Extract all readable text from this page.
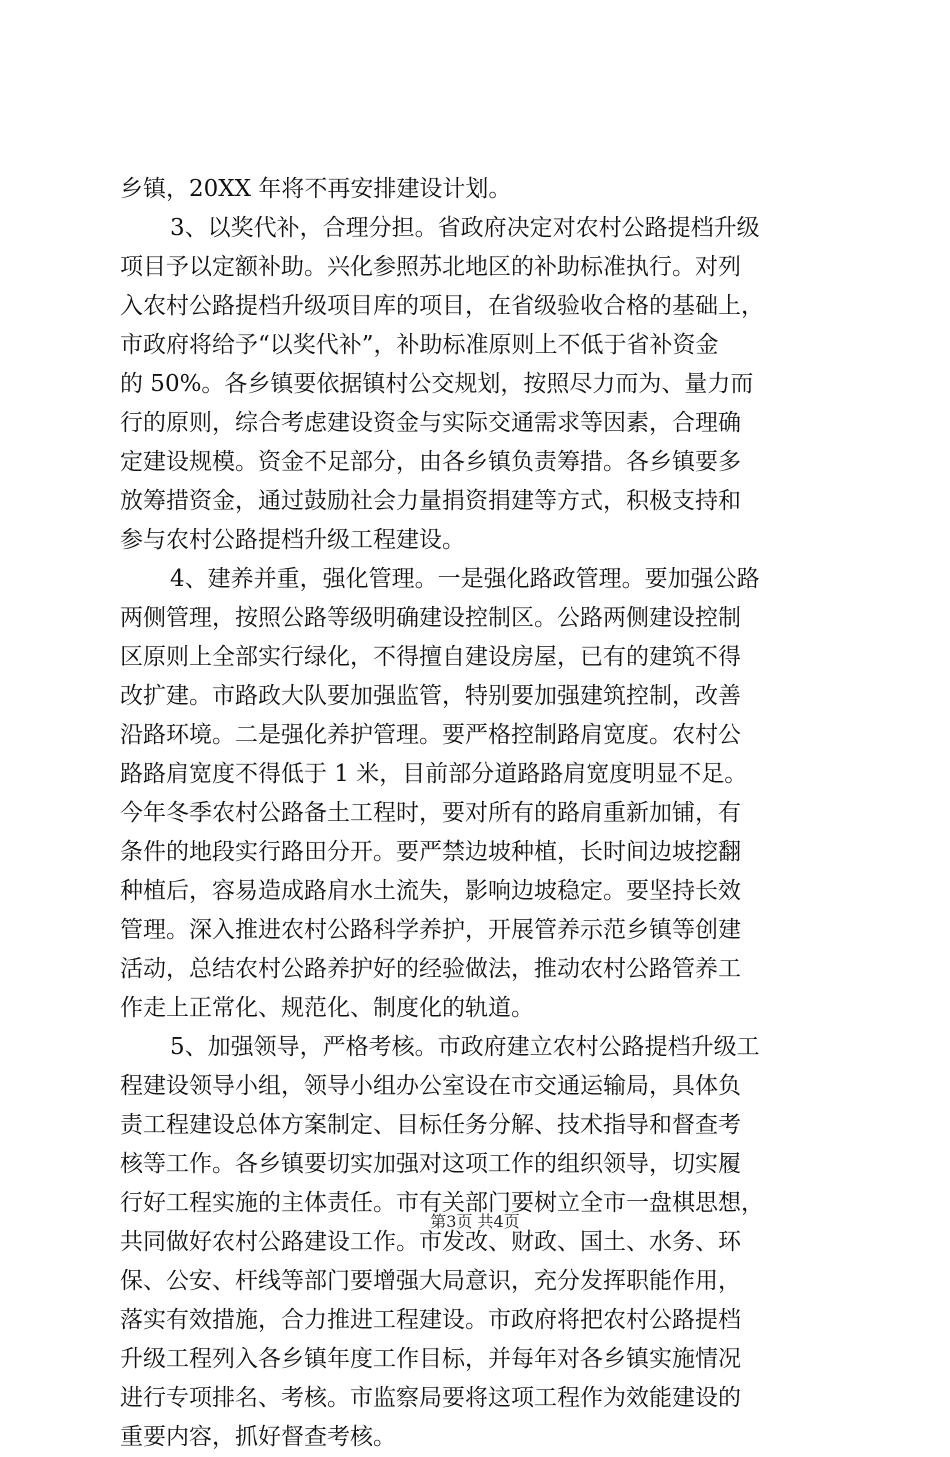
乡镇，20XX 年将不再安排建设计划。
3、以奖代补，合理分担。省政府决定对农村公路提档升级
项目予以定额补助。兴化参照苏北地区的补助标准执行。对列
入农村公路提档升级项目库的项目，在省级验收合格的基础上，
市政府将给予“以奖代补”，补助标准原则上不低于省补资金
的 50%。各乡镇要依据镇村公交规划，按照尽力而为、量力而
行的原则，综合考虑建设资金与实际交通需求等因素，合理确
定建设规模。资金不足部分，由各乡镇负责筹措。各乡镇要多
放筹措资金，通过鼓励社会力量捐资捐建等方式，积极支持和
参与农村公路提档升级工程建设。
4、建养并重，强化管理。一是强化路政管理。要加强公路
两侧管理，按照公路等级明确建设控制区。公路两侧建设控制
区原则上全部实行绿化，不得擅自建设房屋，已有的建筑不得
改扩建。市路政大队要加强监管，特别要加强建筑控制，改善
沿路环境。二是强化养护管理。要严格控制路肩宽度。农村公
路路肩宽度不得低于 1 米，目前部分道路路肩宽度明显不足。
今年冬季农村公路备土工程时，要对所有的路肩重新加铺，有
条件的地段实行路田分开。要严禁边坡种植，长时间边坡挖翻
种植后，容易造成路肩水土流失，影响边坡稳定。要坚持长效
管理。深入推进农村公路科学养护，开展管养示范乡镇等创建
活动，总结农村公路养护好的经验做法，推动农村公路管养工
作走上正常化、规范化、制度化的轨道。
5、加强领导，严格考核。市政府建立农村公路提档升级工
程建设领导小组，领导小组办公室设在市交通运输局，具体负
责工程建设总体方案制定、目标任务分解、技术指导和督查考
核等工作。各乡镇要切实加强对这项工作的组织领导，切实履
行好工程实施的主体责任。市有关部门要树立全市一盘棋思想，
共同做好农村公路建设工作。市发改、财政、国土、水务、环
保、公安、杆线等部门要增强大局意识，充分发挥职能作用，
落实有效措施，合力推进工程建设。市政府将把农村公路提档
升级工程列入各乡镇年度工作目标，并每年对各乡镇实施情况
进行专项排名、考核。市监察局要将这项工程作为效能建设的
重要内容，抓好督查考核。
第3页 共4页
